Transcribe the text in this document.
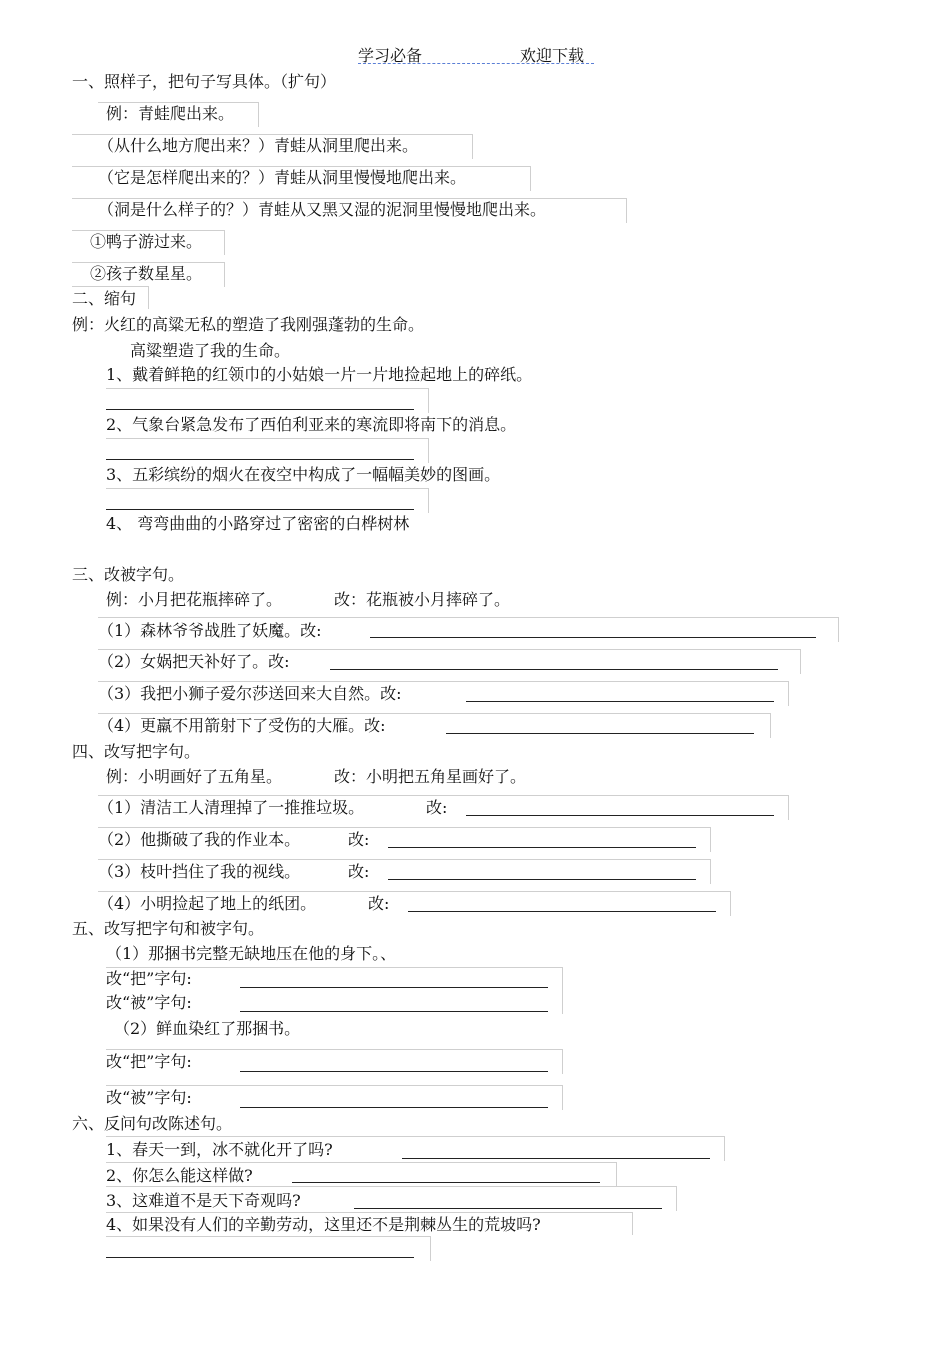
学习必备	欢迎下载
一、照样子，把句子写具体。（扩句）
例：青蛙爬出来。
（从什么地方爬出来？）青蛙从洞里爬出来。
（它是怎样爬出来的？）青蛙从洞里慢慢地爬出来。
（洞是什么样子的？）青蛙从又黑又湿的泥洞里慢慢地爬出来。
①鸭子游过来。
②孩子数星星。
二、缩句
例：火红的高粱无私的塑造了我刚强蓬勃的生命。
高粱塑造了我的生命。
1、戴着鲜艳的红领巾的小姑娘一片一片地捡起地上的碎纸。
2、气象台紧急发布了西伯利亚来的寒流即将南下的消息。
3、五彩缤纷的烟火在夜空中构成了一幅幅美妙的图画。
4、 弯弯曲曲的小路穿过了密密的白桦树林
三、改被字句。
例：小月把花瓶摔碎了。	改：花瓶被小月摔碎了。
（1）森林爷爷战胜了妖魔。改:
（2）女娲把天补好了。改:
（3）我把小狮子爱尔莎送回来大自然。改:
（4）更羸不用箭射下了受伤的大雁。改:
四、改写把字句。
例：小明画好了五角星。	改：小明把五角星画好了。
（1）清洁工人清理掉了一推推垃圾。	改:
（2）他撕破了我的作业本。	改:
（3）枝叶挡住了我的视线。	改:
（4）小明捡起了地上的纸团。	改:
五、改写把字句和被字句。
（1）那捆书完整无缺地压在他的身下。、
改“把”字句:
改“被”字句:
（2）鲜血染红了那捆书。
改“把”字句:
改“被”字句:
六、反问句改陈述句。
1、春天一到，冰不就化开了吗?
2、你怎么能这样做?
3、这难道不是天下奇观吗?
4、如果没有人们的辛勤劳动，这里还不是荆棘丛生的荒坡吗?
